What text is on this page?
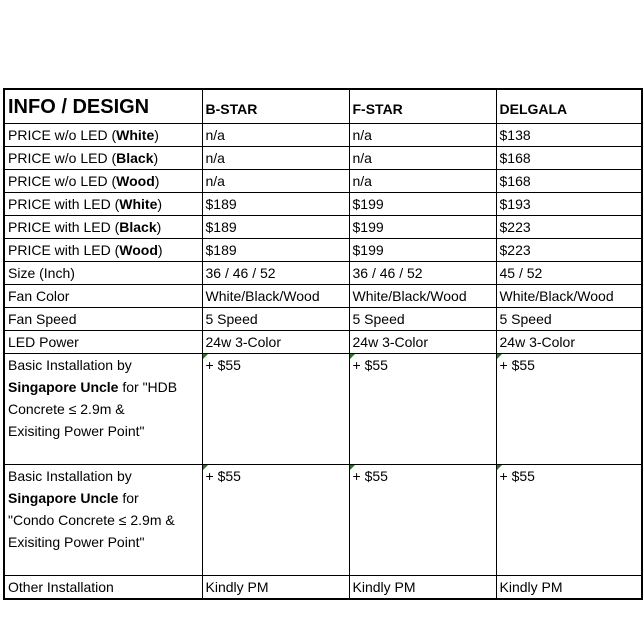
INFO / DESIGN	B-STAR	F-STAR	DELGALA
PRICE w/o LED (White)	n/a	n/a	$138
PRICE w/o LED (Black)	n/a	n/a	$168
PRICE w/o LED (Wood)	n/a	n/a	$168
PRICE with LED (White)	$189	$199	$193
PRICE with LED (Black)	$189	$199	$223
PRICE with LED (Wood)	$189	$199	$223
Size (Inch)	36 / 46 / 52	36 / 46 / 52	45 / 52
Fan Color	White/Black/Wood	White/Black/Wood	White/Black/Wood
Fan Speed	5 Speed	5 Speed	5 Speed
LED Power	24w 3-Color	24w 3-Color	24w 3-Color

Basic Installation by
Singapore Uncle for "HDB
Concrete ≤ 2.9m &
Exisiting Power Point"	+ $55	+ $55	+ $55

Basic Installation by
Singapore Uncle for
"Condo Concrete ≤ 2.9m &
Exisiting Power Point"	+ $55	+ $55	+ $55
Other Installation	Kindly PM	Kindly PM	Kindly PM
